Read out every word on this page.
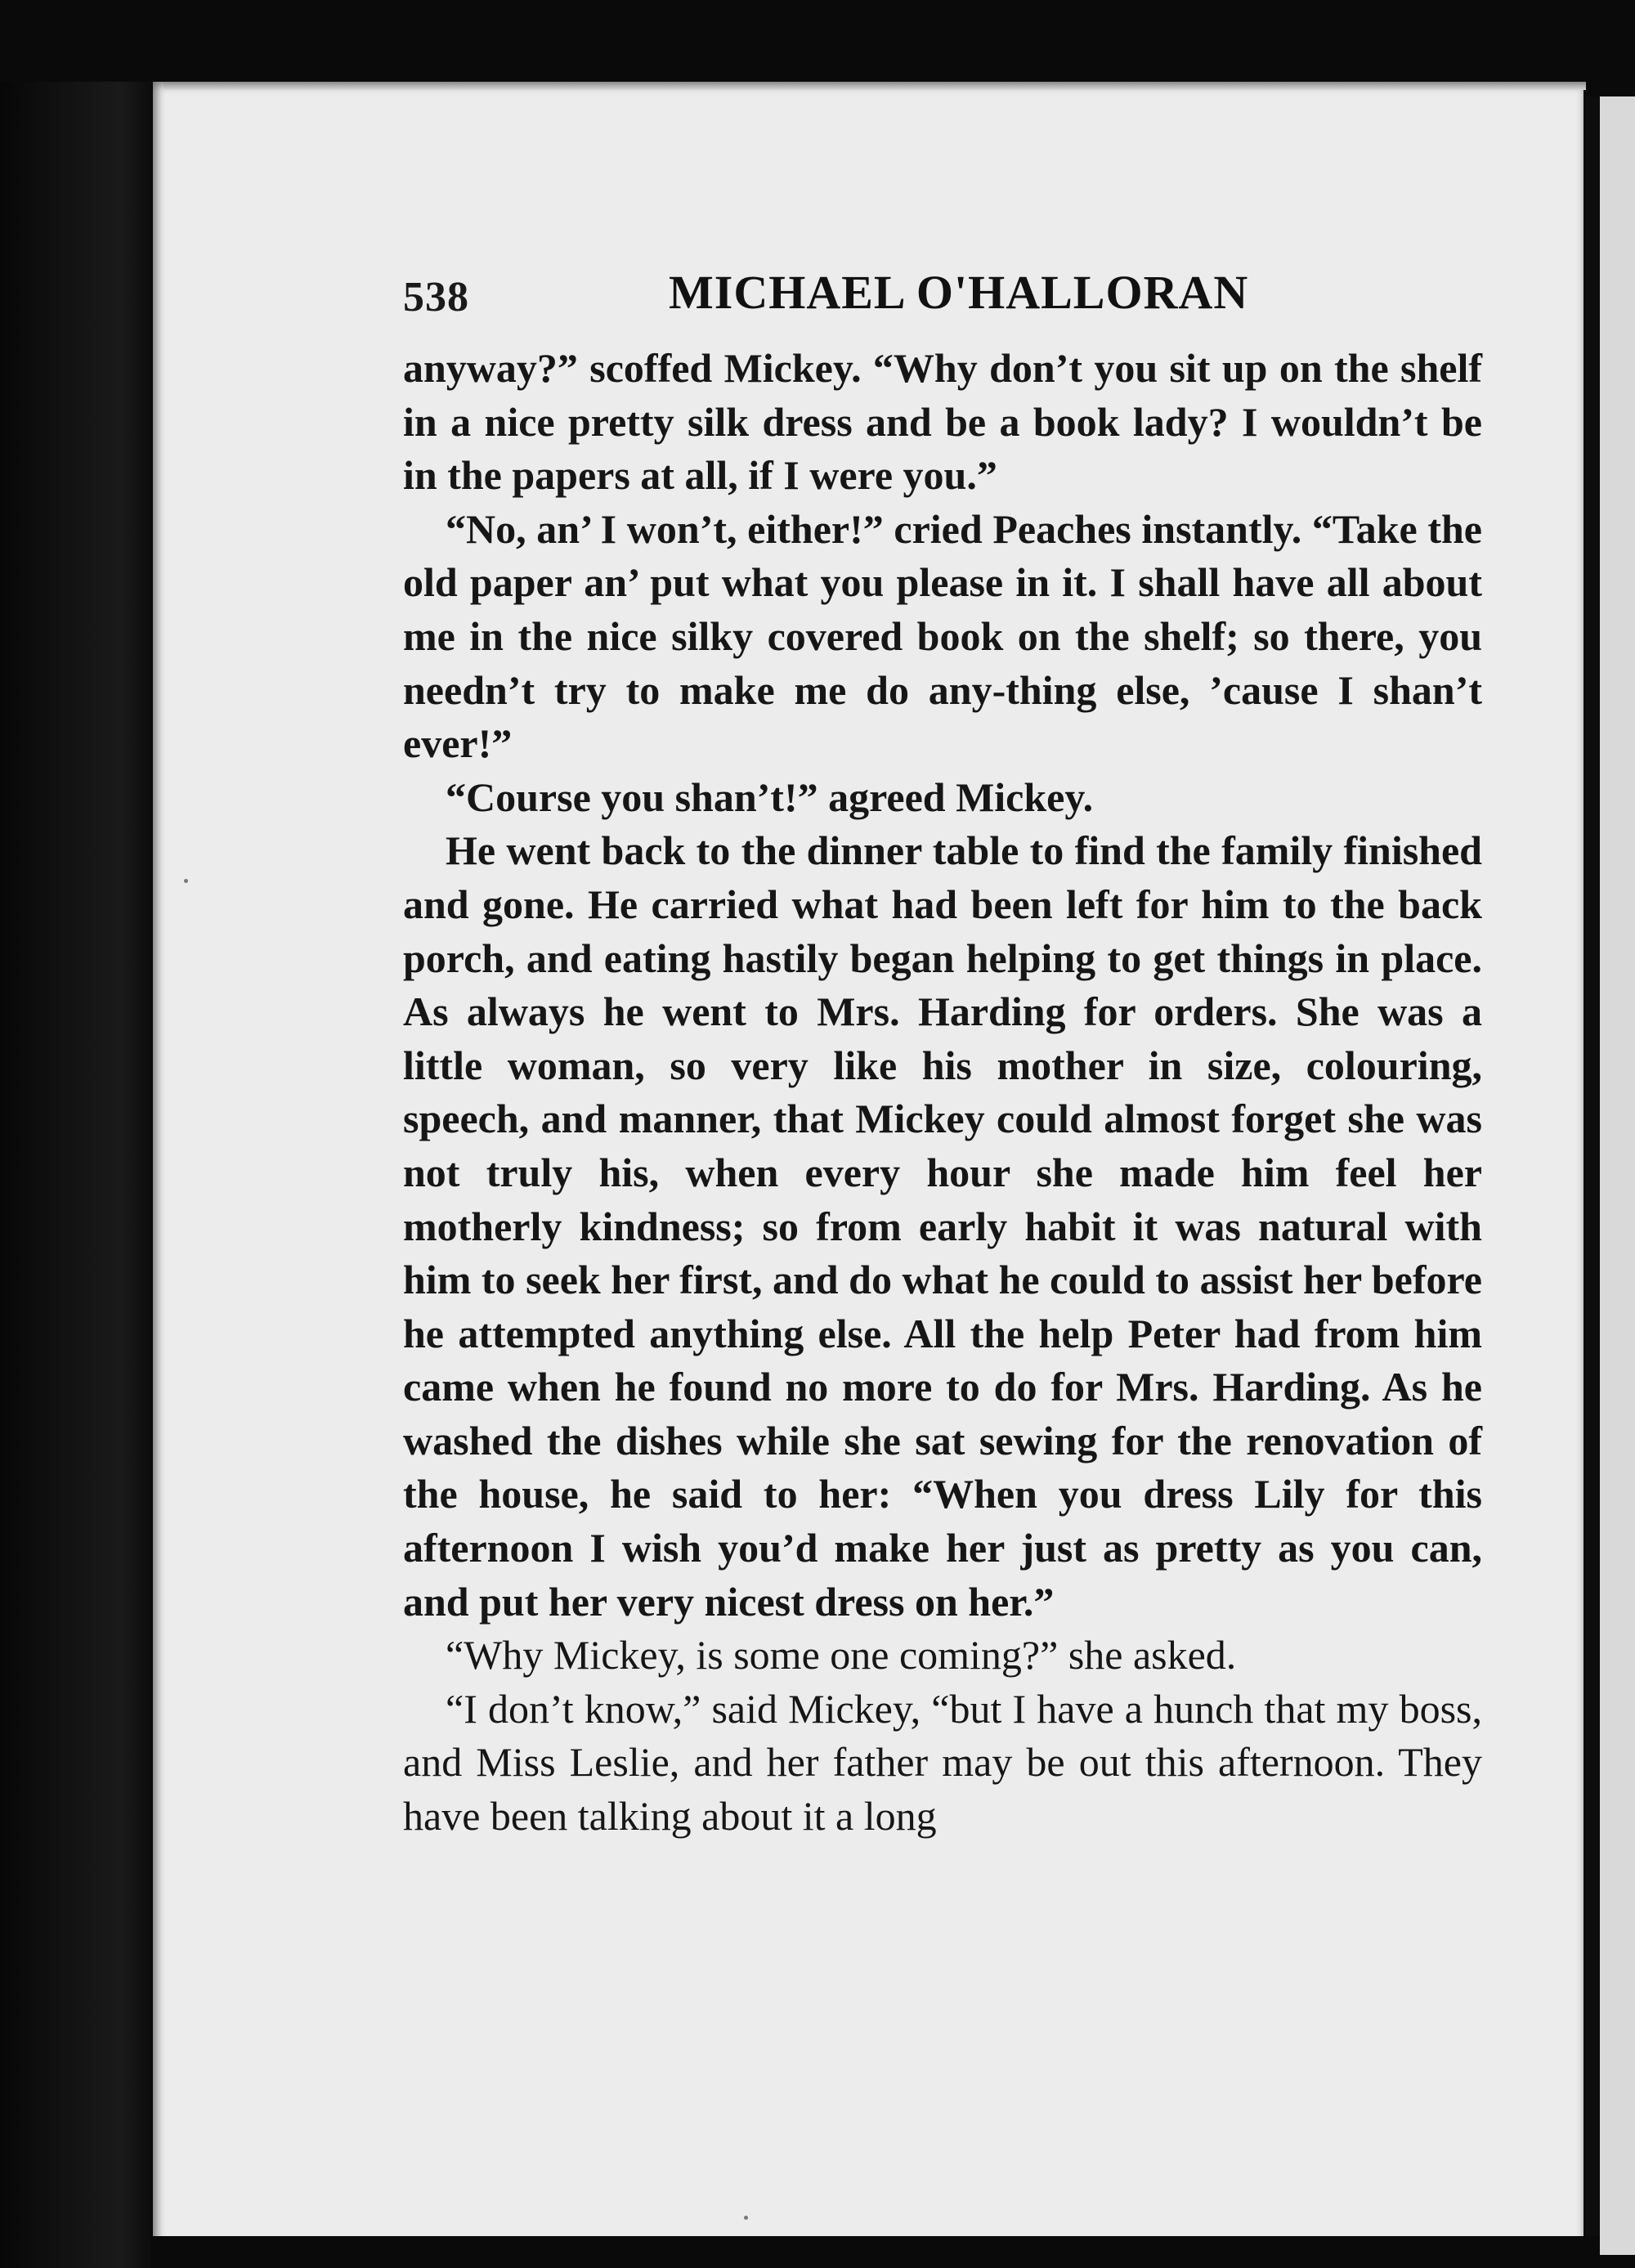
538	MICHAEL O'HALLORAN

anyway?” scoffed Mickey. “Why don’t you sit up on the shelf in a nice pretty silk dress and be a book lady? I wouldn’t be in the papers at all, if I were you.”

“No, an’ I won’t, either!” cried Peaches instantly. “Take the old paper an’ put what you please in it. I shall have all about me in the nice silky covered book on the shelf; so there, you needn’t try to make me do any-thing else, ’cause I shan’t ever!”

“Course you shan’t!” agreed Mickey.

He went back to the dinner table to find the family finished and gone. He carried what had been left for him to the back porch, and eating hastily began helping to get things in place. As always he went to Mrs. Harding for orders. She was a little woman, so very like his mother in size, colouring, speech, and manner, that Mickey could almost forget she was not truly his, when every hour she made him feel her motherly kindness; so from early habit it was natural with him to seek her first, and do what he could to assist her before he attempted anything else. All the help Peter had from him came when he found no more to do for Mrs. Harding. As he washed the dishes while she sat sewing for the renovation of the house, he said to her: “When you dress Lily for this afternoon I wish you’d make her just as pretty as you can, and put her very nicest dress on her.”

“Why Mickey, is some one coming?” she asked.

“I don’t know,” said Mickey, “but I have a hunch that my boss, and Miss Leslie, and her father may be out this afternoon. They have been talking about it a long
